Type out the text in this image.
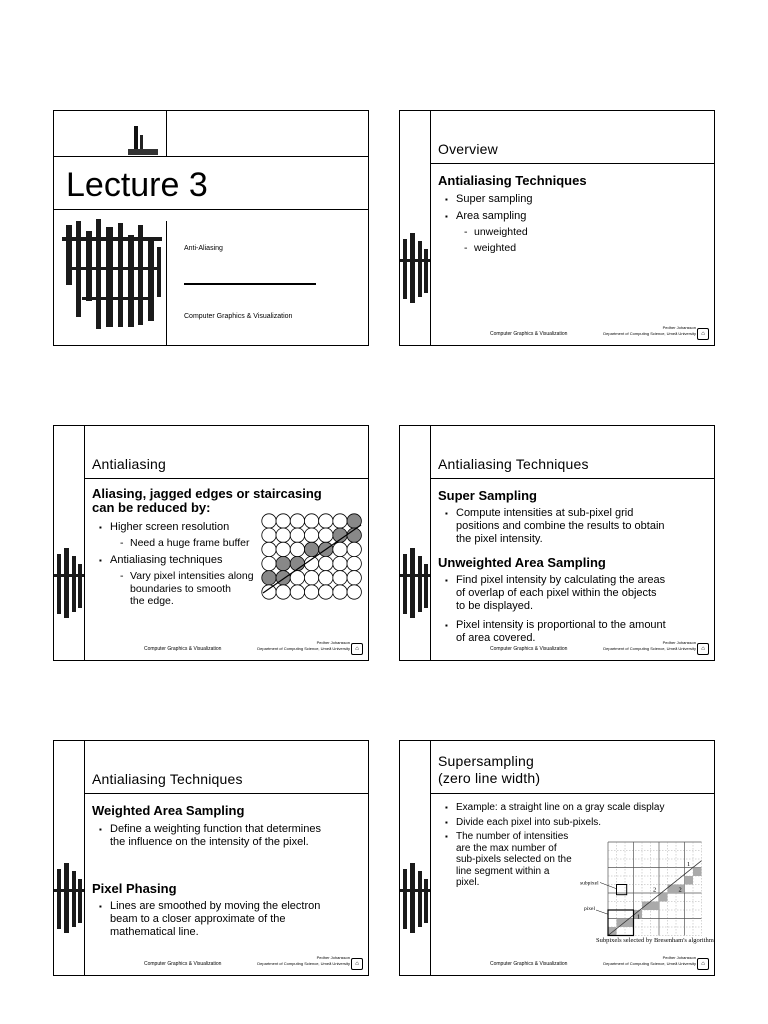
Lecture 3
Anti-Aliasing
Computer Graphics & Visualization
Overview
Antialiasing Techniques
▪ Super sampling
▪ Area sampling
- unweighted
- weighted
Computer Graphics & Visualization
Pedher Johansson
Department of Computing Science, Umeå University ⌂
Antialiasing
Aliasing, jagged edges or staircasing
can be reduced by:
▪ Higher screen resolution
- Need a huge frame buffer
▪ Antialiasing techniques
- Vary pixel intensities along
boundaries to smooth
the edge.
Computer Graphics & Visualization
Pedher Johansson
Department of Computing Science, Umeå University ⌂
Antialiasing Techniques
Super Sampling
▪ Compute intensities at sub-pixel grid
positions and combine the results to obtain
the pixel intensity.
Unweighted Area Sampling
▪ Find pixel intensity by calculating the areas
of overlap of each pixel within the objects
to be displayed.
▪ Pixel intensity is proportional to the amount
of area covered.
Computer Graphics & Visualization
Pedher Johansson
Department of Computing Science, Umeå University ⌂
Antialiasing Techniques
Weighted Area Sampling
▪ Define a weighting function that determines
the influence on the intensity of the pixel.
Pixel Phasing
▪ Lines are smoothed by moving the electron
beam to a closer approximate of the
mathematical line.
Computer Graphics & Visualization
Pedher Johansson
Department of Computing Science, Umeå University ⌂
Supersampling
(zero line width)
▪ Example: a straight line on a gray scale display
▪ Divide each pixel into sub-pixels.
▪ The number of intensities
are the max number of
sub-pixels selected on the
line segment within a
pixel.	subpixel
pixel
1
2	2
1
Subpixels selected by Bresenham's algorithm
Computer Graphics & Visualization
Pedher Johansson
Department of Computing Science, Umeå University ⌂
